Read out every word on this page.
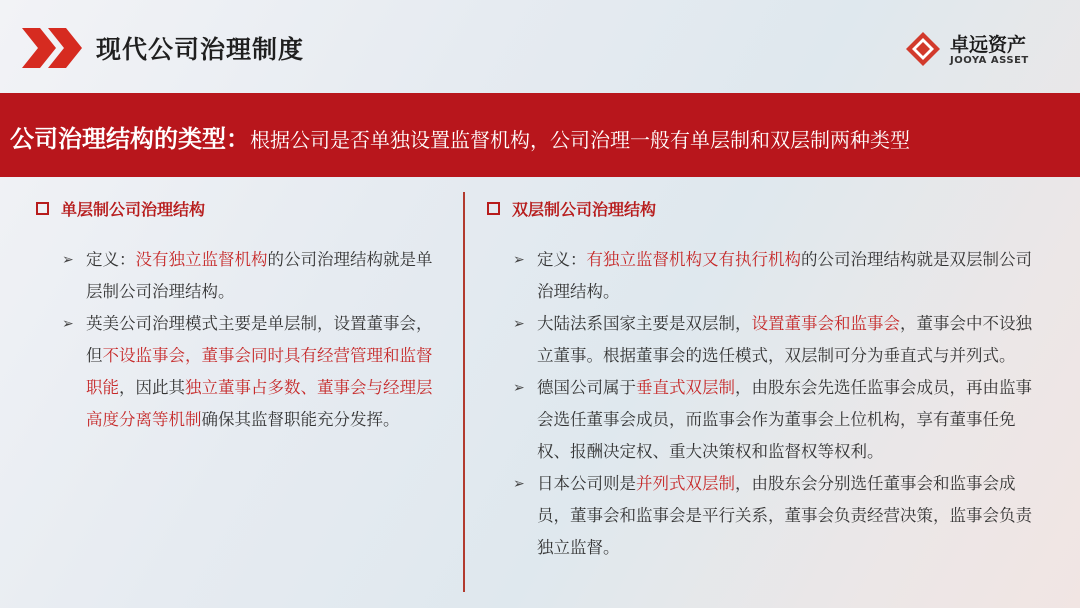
现代公司治理制度	卓远资产
JOOYA ASSET
公司治理结构的类型：根据公司是否单独设置监督机构，公司治理一般有单层制和双层制两种类型
单层制公司治理结构
➢ 定义：没有独立监督机构的公司治理结构就是单层制公司治理结构。
➢ 英美公司治理模式主要是单层制，设置董事会，但不设监事会，董事会同时具有经营管理和监督职能，因此其独立董事占多数、董事会与经理层高度分离等机制确保其监督职能充分发挥。
双层制公司治理结构
➢ 定义：有独立监督机构又有执行机构的公司治理结构就是双层制公司治理结构。
➢ 大陆法系国家主要是双层制，设置董事会和监事会，董事会中不设独立董事。根据董事会的选任模式，双层制可分为垂直式与并列式。
➢ 德国公司属于垂直式双层制，由股东会先选任监事会成员，再由监事会选任董事会成员，而监事会作为董事会上位机构，享有董事任免权、报酬决定权、重大决策权和监督权等权利。
➢ 日本公司则是并列式双层制，由股东会分别选任董事会和监事会成员，董事会和监事会是平行关系，董事会负责经营决策，监事会负责独立监督。
